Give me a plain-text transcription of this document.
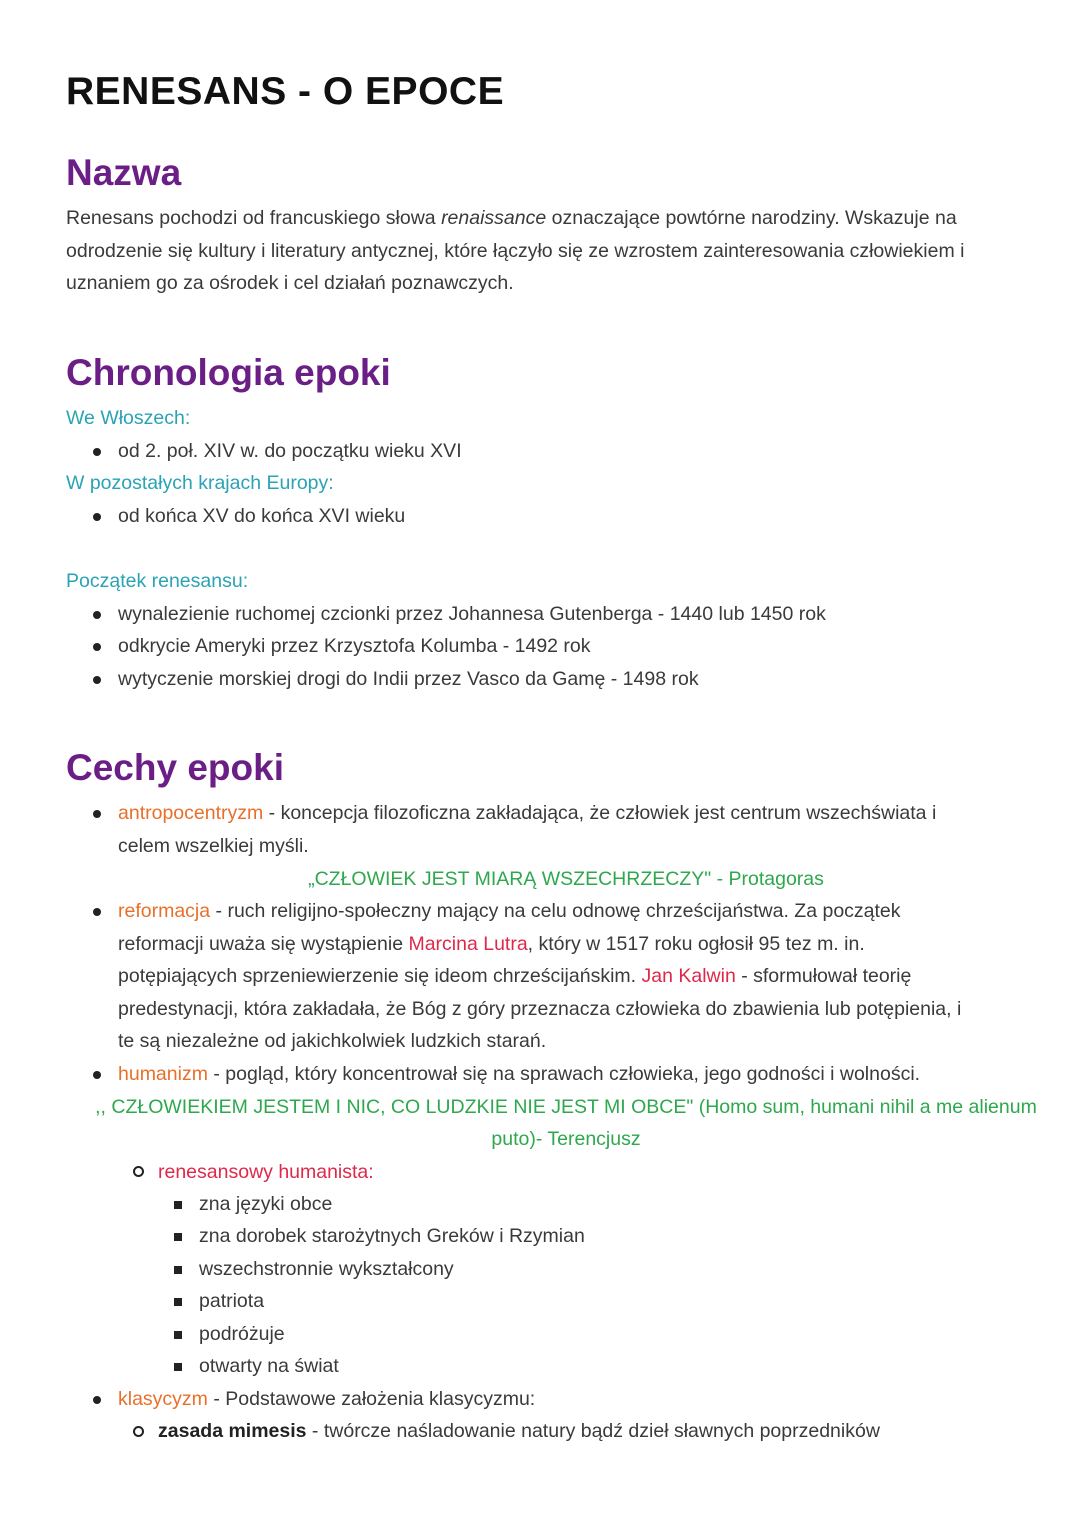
RENESANS - O EPOCE
Nazwa
Renesans pochodzi od francuskiego słowa renaissance oznaczające powtórne narodziny. Wskazuje na
odrodzenie się kultury i literatury antycznej, które łączyło się ze wzrostem zainteresowania człowiekiem i
uznaniem go za ośrodek i cel działań poznawczych.
Chronologia epoki
We Włoszech:
od 2. poł. XIV w. do początku wieku XVI
W pozostałych krajach Europy:
od końca XV do końca XVI wieku
Początek renesansu:
wynalezienie ruchomej czcionki przez Johannesa Gutenberga - 1440 lub 1450 rok
odkrycie Ameryki przez Krzysztofa Kolumba - 1492 rok
wytyczenie morskiej drogi do Indii przez Vasco da Gamę - 1498 rok
Cechy epoki
antropocentryzm - koncepcja filozoficzna zakładająca, że człowiek jest centrum wszechświata i
celem wszelkiej myśli.
„CZŁOWIEK JEST MIARĄ WSZECHRZECZY" - Protagoras
reformacja - ruch religijno-społeczny mający na celu odnowę chrześcijaństwa. Za początek
reformacji uważa się wystąpienie Marcina Lutra, który w 1517 roku ogłosił 95 tez m. in.
potępiających sprzeniewierzenie się ideom chrześcijańskim. Jan Kalwin - sformułował teorię
predestynacji, która zakładała, że Bóg z góry przeznacza człowieka do zbawienia lub potępienia, i
te są niezależne od jakichkolwiek ludzkich starań.
humanizm - pogląd, który koncentrował się na sprawach człowieka, jego godności i wolności.
,, CZŁOWIEKIEM JESTEM I NIC, CO LUDZKIE NIE JEST MI OBCE" (Homo sum, humani nihil a me alienum
puto)- Terencjusz
renesansowy humanista:
zna języki obce
zna dorobek starożytnych Greków i Rzymian
wszechstronnie wykształcony
patriota
podróżuje
otwarty na świat
klasycyzm - Podstawowe założenia klasycyzmu:
zasada mimesis - twórcze naśladowanie natury bądź dzieł sławnych poprzedników
